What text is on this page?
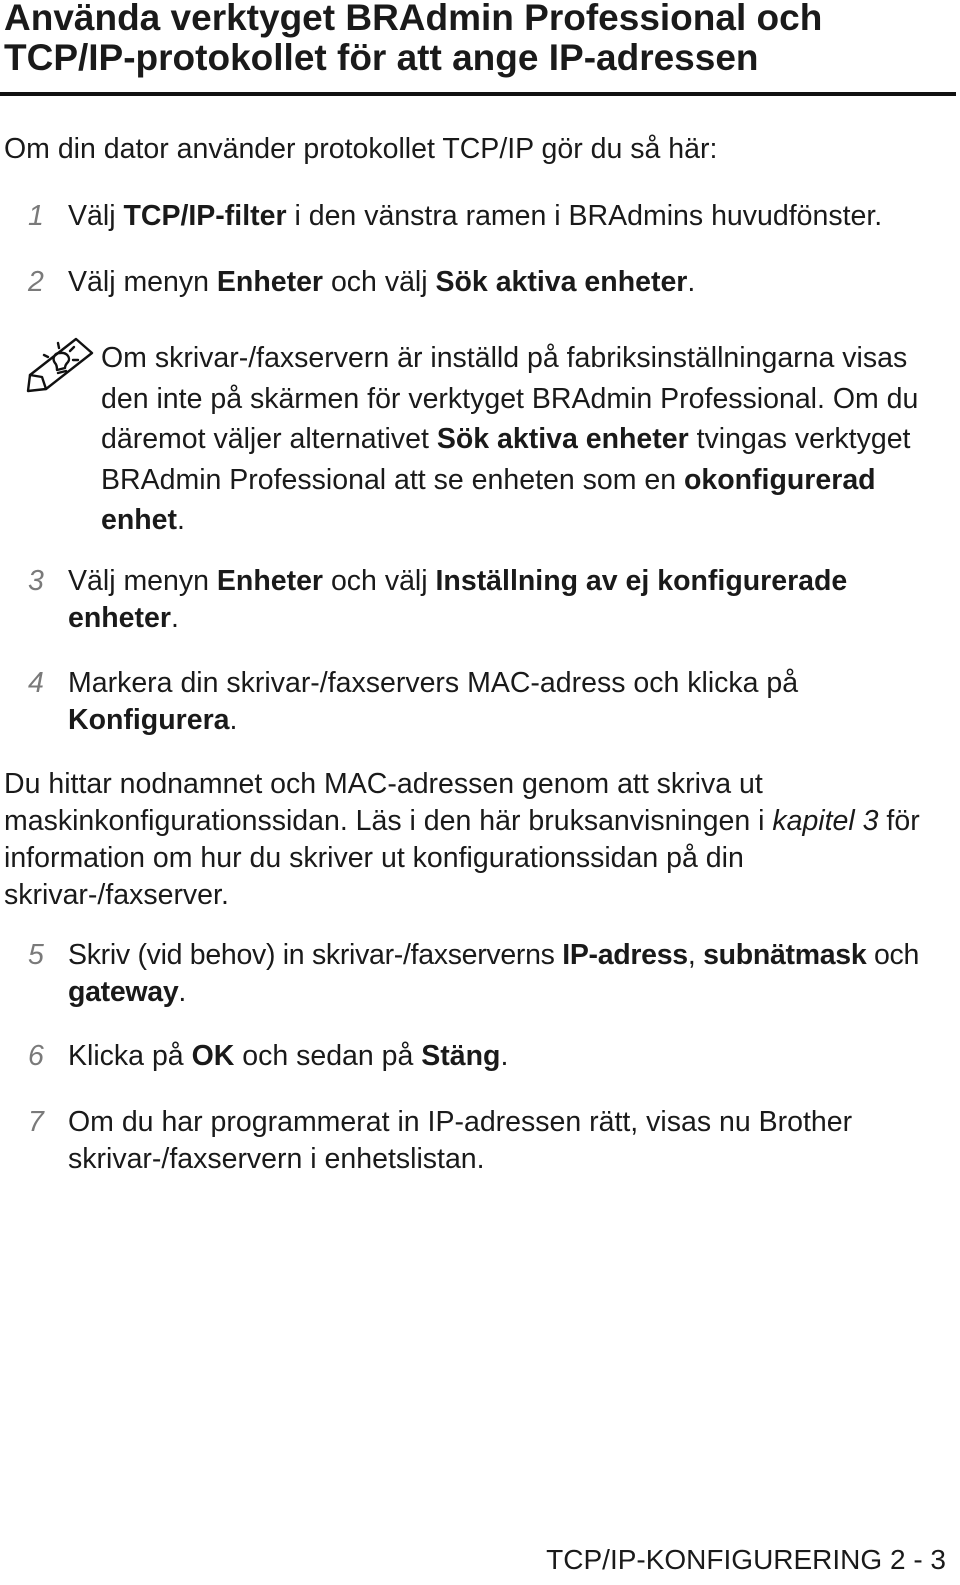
Använda verktyget BRAdmin Professional och
TCP/IP-protokollet för att ange IP-adressen

Om din dator använder protokollet TCP/IP gör du så här:

1 Välj TCP/IP-filter i den vänstra ramen i BRAdmins huvudfönster.

2 Välj menyn Enheter och välj Sök aktiva enheter.

Om skrivar-/faxservern är inställd på fabriksinställningarna visas den inte på skärmen för verktyget BRAdmin Professional. Om du däremot väljer alternativet Sök aktiva enheter tvingas verktyget BRAdmin Professional att se enheten som en okonfigurerad enhet.

3 Välj menyn Enheter och välj Inställning av ej konfigurerade enheter.

4 Markera din skrivar-/faxservers MAC-adress och klicka på Konfigurera.

Du hittar nodnamnet och MAC-adressen genom att skriva ut maskinkonfigurationssidan. Läs i den här bruksanvisningen i kapitel 3 för information om hur du skriver ut konfigurationssidan på din skrivar-/faxserver.

5 Skriv (vid behov) in skrivar-/faxserverns IP-adress, subnätmask och gateway.

6 Klicka på OK och sedan på Stäng.

7 Om du har programmerat in IP-adressen rätt, visas nu Brother skrivar-/faxservern i enhetslistan.

TCP/IP-KONFIGURERING 2 - 3
